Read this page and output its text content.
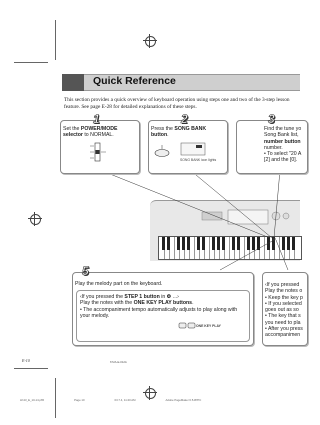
Quick Reference
This section provides a quick overview of keyboard operation using steps one and two of the 3-step lesson feature. See page E-28 for detailed explanations of these steps.
1
Set the POWER/MODE
selector to NORMAL.
2
Press the SONG BANK
button.
SONG BANK icon lights
3
Find the tune yo
Song Bank list,
number button
number.
• To select "20 A
[2] and the [0].
5
Play the melody part on the keyboard.
‹If you pressed the STEP 1 button in ❹ ...›
Play the notes with the ONE KEY PLAY buttons.
• The accompaniment tempo automatically adjusts to play along with your melody.
ONE KEY PLAY
‹If you pressed
Play the notes o
• Keep the key p
• If you selected
goes out as so
• The key that s
you need to pla
• After you press
accompanimen
E-10	672A-E-012A
LK43_E_10-14.p65	Page 10	03.7.4, 11:40 AM	Adobe PageMaker 6.5J/PPC
